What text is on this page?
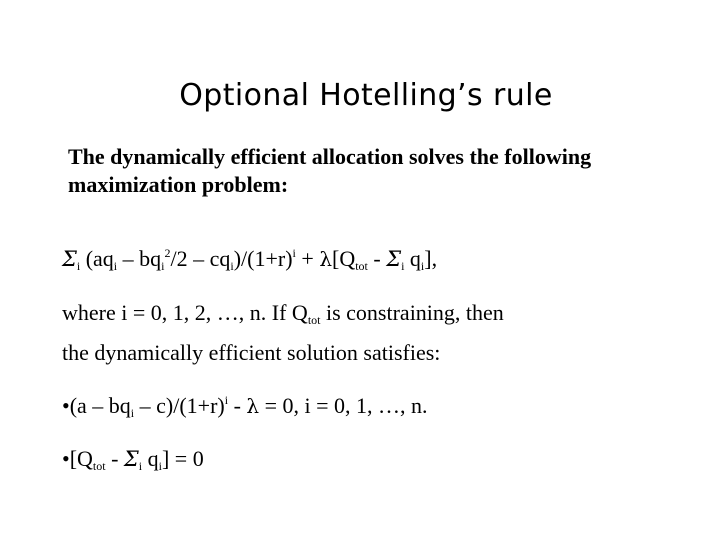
Optional Hotelling’s rule
The dynamically efficient allocation solves the following maximization problem:
$\Sigma_i$ $(aq_i - bq_i^2/2 - cq_i)/(1+r)^i + \lambda[Q_{tot} - \Sigma_i$ $q_i$],
where i = 0, 1, 2, …, n. If $Q_{tot}$ is constraining, then
the dynamically efficient solution satisfies:
•(a – $bq_i - c)/(1+r)^i - \lambda = 0$, i = 0, 1, …, n.
$•[Q_{tot} - \Sigma_i$ $q_i] = 0$
